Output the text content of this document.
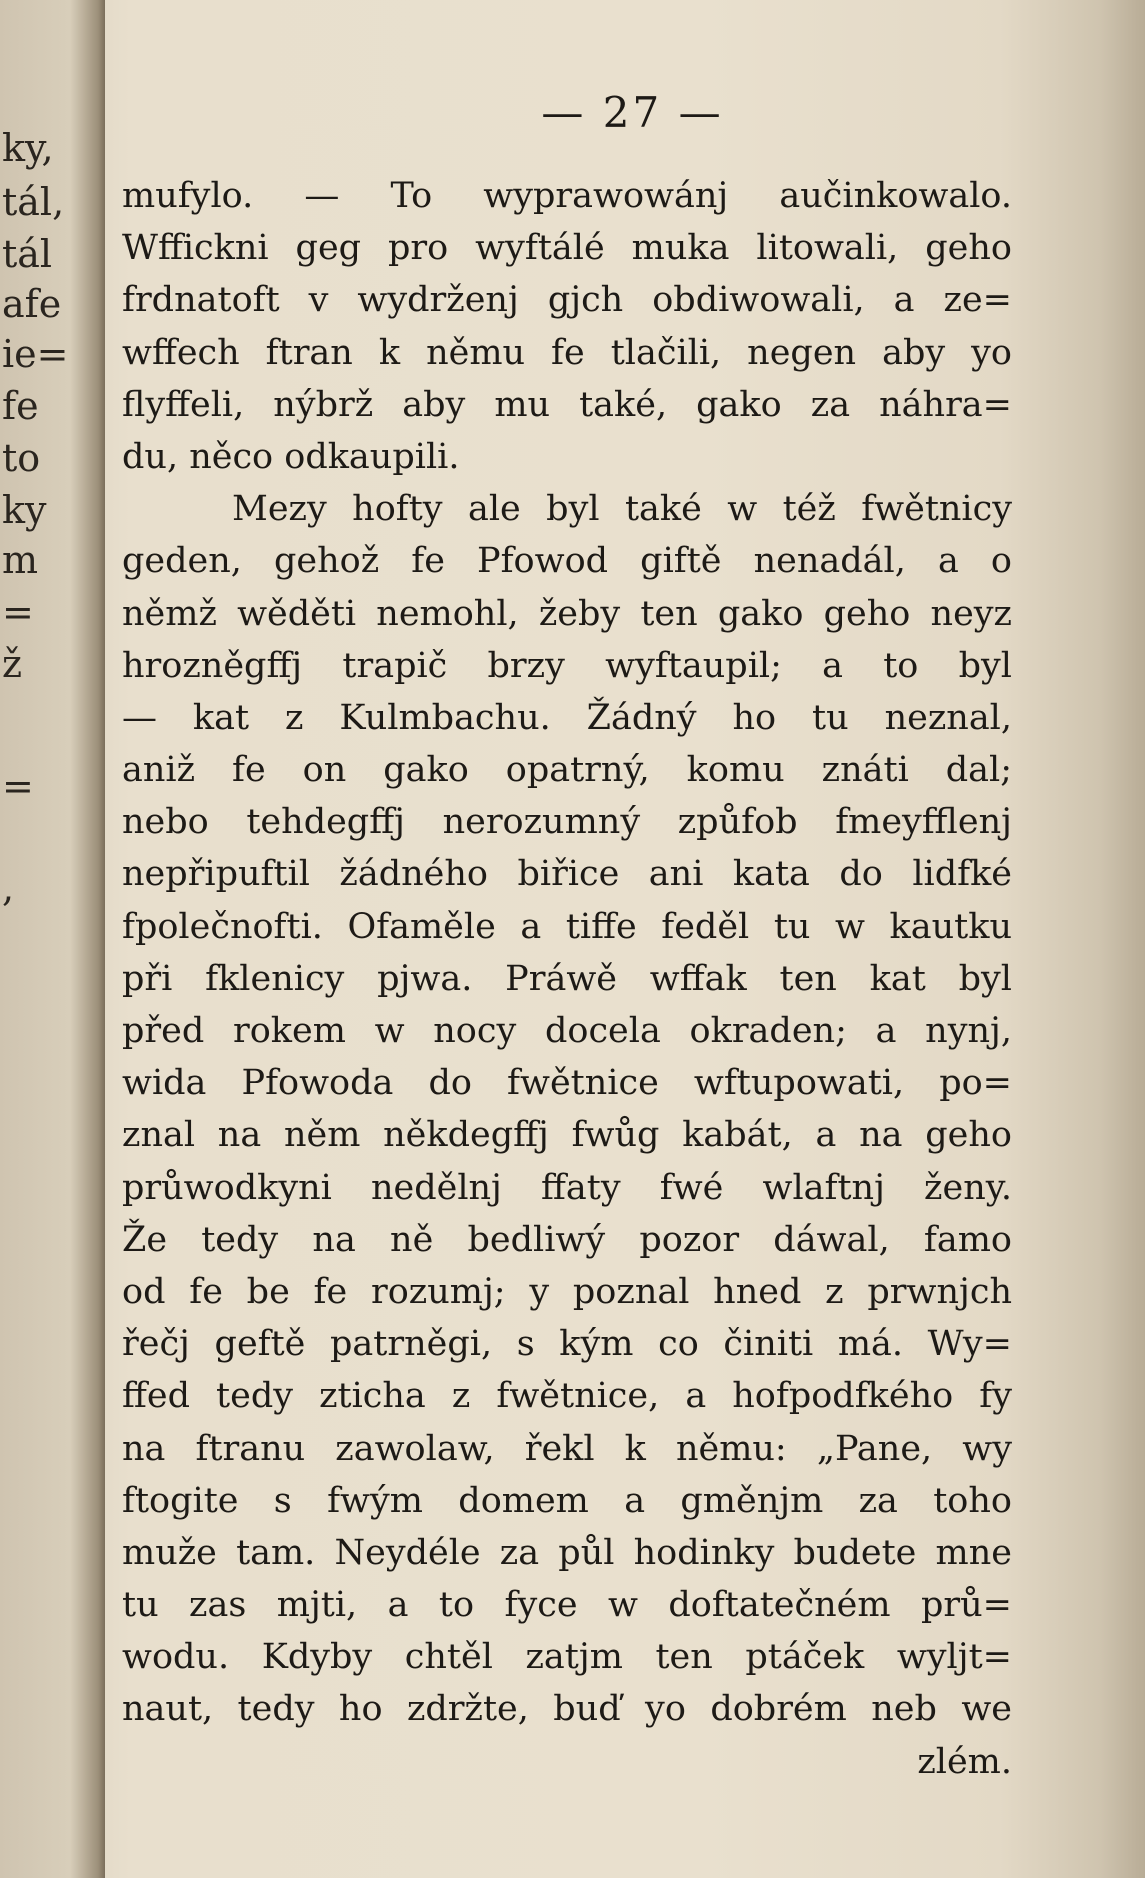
ky,
tál,
tál
afe
ie=
fe
to
ky
m
=
ž
=
,
— 27 —
mufylo. — To wyprawowánj aučinkowalo.
Wffickni geg pro wyftálé muka litowali, geho
frdnatoft v wydrženj gjch obdiwowali, a ze=
wffech ftran k němu fe tlačili, negen aby yo
flyffeli, nýbrž aby mu také, gako za náhra=
du, něco odkaupili.
Mezy hofty ale byl také w též fwětnicy
geden, gehož fe Pfowod giftě nenadál, a o
němž wěděti nemohl, žeby ten gako geho neyz
hrozněgffj trapič brzy wyftaupil; a to byl
— kat z Kulmbachu. Žádný ho tu neznal,
aniž fe on gako opatrný, komu znáti dal;
nebo tehdegffj nerozumný způfob fmeyfflenj
nepřipuftil žádného biřice ani kata do lidfké
fpolečnofti. Ofaměle a tiffe feděl tu w kautku
při fklenicy pjwa. Práwě wffak ten kat byl
před rokem w nocy docela okraden; a nynj,
wida Pfowoda do fwětnice wftupowati, po=
znal na něm někdegffj fwůg kabát, a na geho
průwodkyni nedělnj ffaty fwé wlaftnj ženy.
Že tedy na ně bedliwý pozor dáwal, famo
od fe be fe rozumj; y poznal hned z prwnjch
řečj geftě patrněgi, s kým co činiti má. Wy=
ffed tedy zticha z fwětnice, a hofpodfkého fy
na ftranu zawolaw, řekl k němu: „Pane, wy
ftogite s fwým domem a gměnjm za toho
muže tam. Neydéle za půl hodinky budete mne
tu zas mjti, a to fyce w doftatečném prů=
wodu. Kdyby chtěl zatjm ten ptáček wyljt=
naut, tedy ho zdržte, buď yo dobrém neb we
zlém.
